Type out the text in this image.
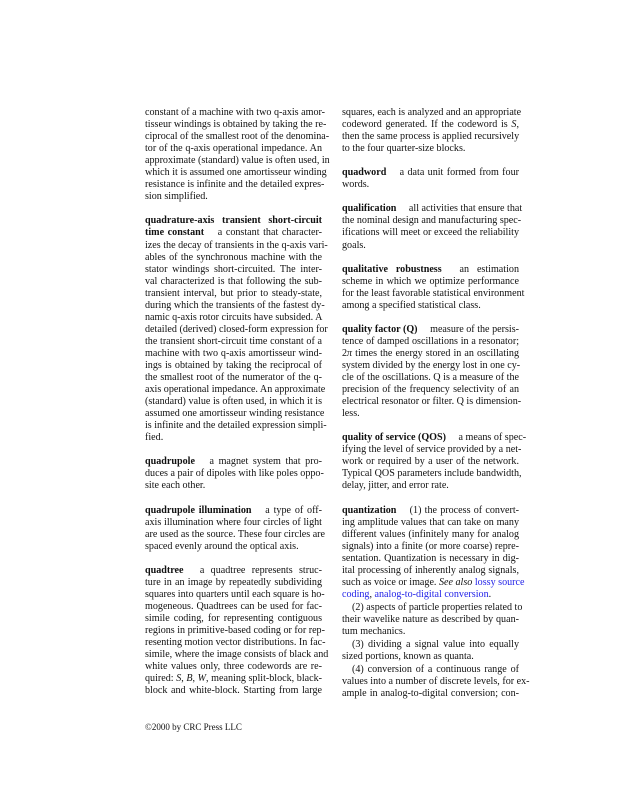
constant of a machine with two q-axis amor-
tisseur windings is obtained by taking the re-
ciprocal of the smallest root of the denomina-
tor of the q-axis operational impedance. An
approximate (standard) value is often used, in
which it is assumed one amortisseur winding
resistance is infinite and the detailed expres-
sion simplified.
quadrature-axis transient short-circuit
time constant a constant that character-
izes the decay of transients in the q-axis vari-
ables of the synchronous machine with the
stator windings short-circuited. The inter-
val characterized is that following the sub-
transient interval, but prior to steady-state,
during which the transients of the fastest dy-
namic q-axis rotor circuits have subsided. A
detailed (derived) closed-form expression for
the transient short-circuit time constant of a
machine with two q-axis amortisseur wind-
ings is obtained by taking the reciprocal of
the smallest root of the numerator of the q-
axis operational impedance. An approximate
(standard) value is often used, in which it is
assumed one amortisseur winding resistance
is infinite and the detailed expression simpli-
fied.
quadrupole a magnet system that pro-
duces a pair of dipoles with like poles oppo-
site each other.
quadrupole illumination a type of off-
axis illumination where four circles of light
are used as the source. These four circles are
spaced evenly around the optical axis.
quadtree a quadtree represents struc-
ture in an image by repeatedly subdividing
squares into quarters until each square is ho-
mogeneous. Quadtrees can be used for fac-
simile coding, for representing contiguous
regions in primitive-based coding or for rep-
resenting motion vector distributions. In fac-
simile, where the image consists of black and
white values only, three codewords are re-
quired: S, B, W, meaning split-block, black-
block and white-block. Starting from large
squares, each is analyzed and an appropriate
codeword generated. If the codeword is S,
then the same process is applied recursively
to the four quarter-size blocks.
quadword a data unit formed from four
words.
qualification all activities that ensure that
the nominal design and manufacturing spec-
ifications will meet or exceed the reliability
goals.
qualitative robustness an estimation
scheme in which we optimize performance
for the least favorable statistical environment
among a specified statistical class.
quality factor (Q) measure of the persis-
tence of damped oscillations in a resonator;
2π times the energy stored in an oscillating
system divided by the energy lost in one cy-
cle of the oscillations. Q is a measure of the
precision of the frequency selectivity of an
electrical resonator or filter. Q is dimension-
less.
quality of service (QOS) a means of spec-
ifying the level of service provided by a net-
work or required by a user of the network.
Typical QOS parameters include bandwidth,
delay, jitter, and error rate.
quantization (1) the process of convert-
ing amplitude values that can take on many
different values (infinitely many for analog
signals) into a finite (or more coarse) repre-
sentation. Quantization is necessary in dig-
ital processing of inherently analog signals,
such as voice or image. See also lossy source
coding, analog-to-digital conversion.
(2) aspects of particle properties related to
their wavelike nature as described by quan-
tum mechanics.
(3) dividing a signal value into equally
sized portions, known as quanta.
(4) conversion of a continuous range of
values into a number of discrete levels, for ex-
ample in analog-to-digital conversion; con-
©2000 by CRC Press LLC
